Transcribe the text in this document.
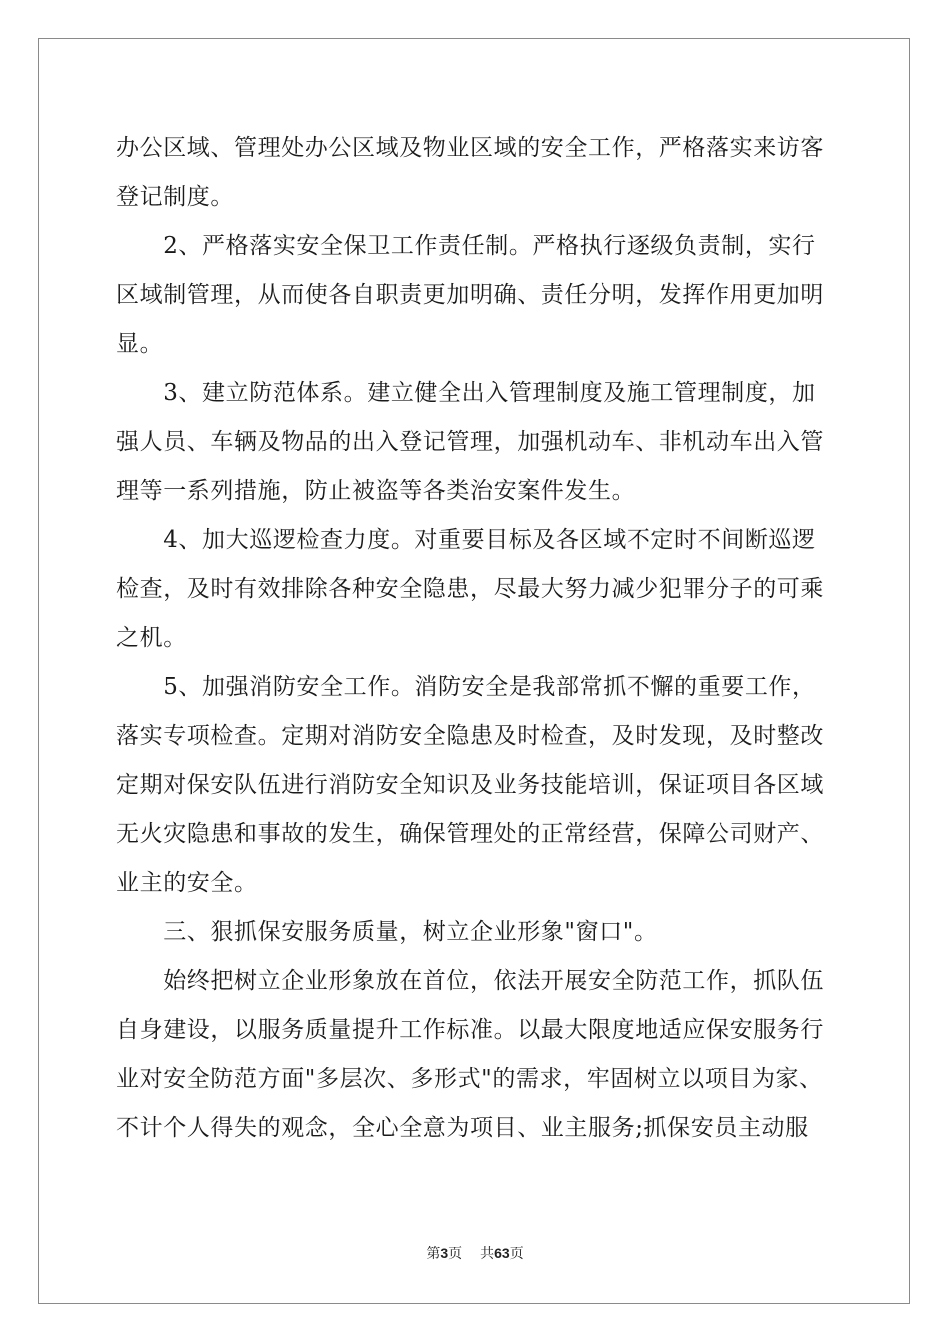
办公区域、管理处办公区域及物业区域的安全工作，严格落实来访客
登记制度。
　　2、严格落实安全保卫工作责任制。严格执行逐级负责制，实行
区域制管理，从而使各自职责更加明确、责任分明，发挥作用更加明
显。
　　3、建立防范体系。建立健全出入管理制度及施工管理制度，加
强人员、车辆及物品的出入登记管理，加强机动车、非机动车出入管
理等一系列措施，防止被盗等各类治安案件发生。
　　4、加大巡逻检查力度。对重要目标及各区域不定时不间断巡逻
检查，及时有效排除各种安全隐患，尽最大努力减少犯罪分子的可乘
之机。
　　5、加强消防安全工作。消防安全是我部常抓不懈的重要工作，
落实专项检查。定期对消防安全隐患及时检查，及时发现，及时整改
定期对保安队伍进行消防安全知识及业务技能培训，保证项目各区域
无火灾隐患和事故的发生，确保管理处的正常经营，保障公司财产、
业主的安全。
　　三、狠抓保安服务质量，树立企业形象"窗口"。
　　始终把树立企业形象放在首位，依法开展安全防范工作，抓队伍
自身建设，以服务质量提升工作标准。以最大限度地适应保安服务行
业对安全防范方面"多层次、多形式"的需求，牢固树立以项目为家、
不计个人得失的观念，全心全意为项目、业主服务;抓保安员主动服
第3页 共63页
